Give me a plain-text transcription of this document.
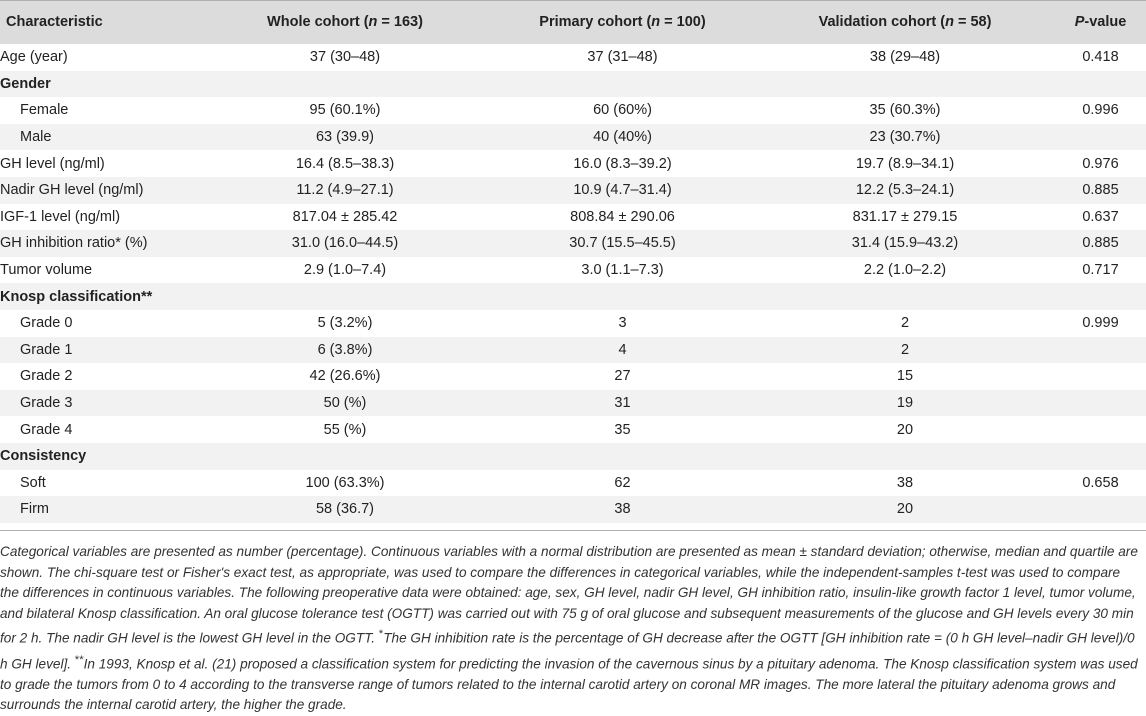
Characteristic	Whole cohort (n = 163)	Primary cohort (n = 100)	Validation cohort (n = 58)	P-value
Age (year)	37 (30–48)	37 (31–48)	38 (29–48)	0.418
Gender				
Female	95 (60.1%)	60 (60%)	35 (60.3%)	0.996
Male	63 (39.9)	40 (40%)	23 (30.7%)	
GH level (ng/ml)	16.4 (8.5–38.3)	16.0 (8.3–39.2)	19.7 (8.9–34.1)	0.976
Nadir GH level (ng/ml)	11.2 (4.9–27.1)	10.9 (4.7–31.4)	12.2 (5.3–24.1)	0.885
IGF-1 level (ng/ml)	817.04 ± 285.42	808.84 ± 290.06	831.17 ± 279.15	0.637
GH inhibition ratio* (%)	31.0 (16.0–44.5)	30.7 (15.5–45.5)	31.4 (15.9–43.2)	0.885
Tumor volume	2.9 (1.0–7.4)	3.0 (1.1–7.3)	2.2 (1.0–2.2)	0.717
Knosp classification**				
Grade 0	5 (3.2%)	3	2	0.999
Grade 1	6 (3.8%)	4	2	
Grade 2	42 (26.6%)	27	15	
Grade 3	50 (%)	31	19	
Grade 4	55 (%)	35	20	
Consistency				
Soft	100 (63.3%)	62	38	0.658
Firm	58 (36.7)	38	20	
Categorical variables are presented as number (percentage). Continuous variables with a normal distribution are presented as mean ± standard deviation; otherwise, median and quartile are shown. The chi-square test or Fisher's exact test, as appropriate, was used to compare the differences in categorical variables, while the independent-samples t-test was used to compare the differences in continuous variables. The following preoperative data were obtained: age, sex, GH level, nadir GH level, GH inhibition ratio, insulin-like growth factor 1 level, tumor volume, and bilateral Knosp classification. An oral glucose tolerance test (OGTT) was carried out with 75 g of oral glucose and subsequent measurements of the glucose and GH levels every 30 min for 2 h. The nadir GH level is the lowest GH level in the OGTT. *The GH inhibition rate is the percentage of GH decrease after the OGTT [GH inhibition rate = (0 h GH level–nadir GH level)/0 h GH level]. **In 1993, Knosp et al. (21) proposed a classification system for predicting the invasion of the cavernous sinus by a pituitary adenoma. The Knosp classification system was used to grade the tumors from 0 to 4 according to the transverse range of tumors related to the internal carotid artery on coronal MR images. The more lateral the pituitary adenoma grows and surrounds the internal carotid artery, the higher the grade.
